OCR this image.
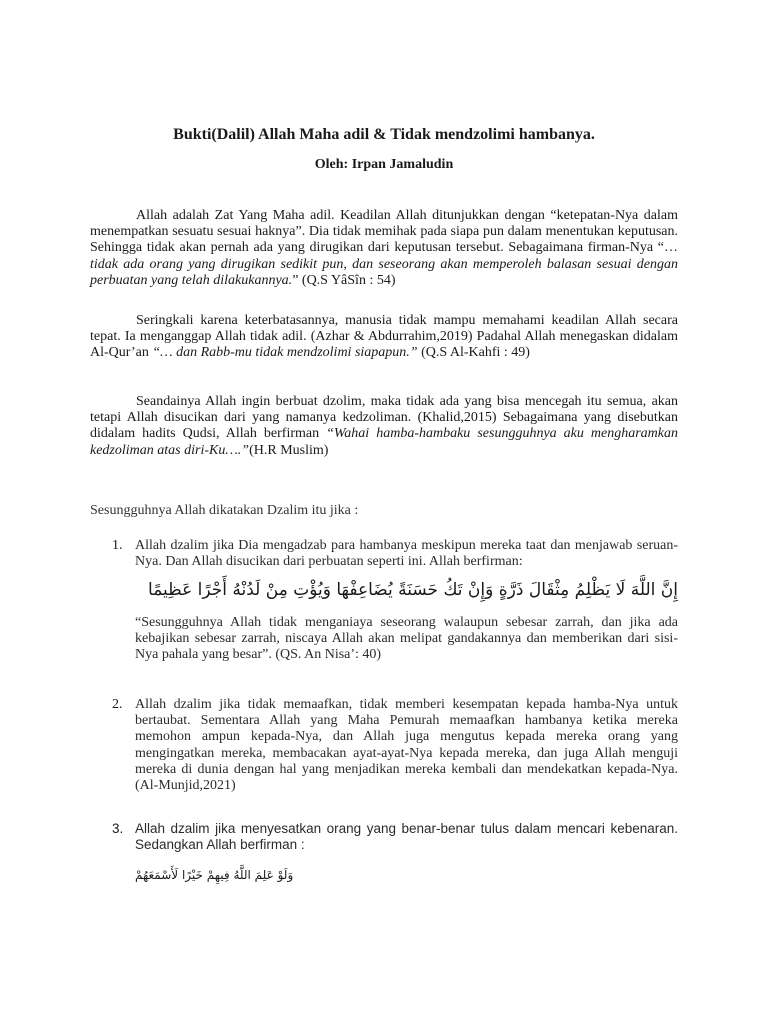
Bukti(Dalil) Allah Maha adil & Tidak mendzolimi hambanya.
Oleh: Irpan Jamaludin

Allah adalah Zat Yang Maha adil. Keadilan Allah ditunjukkan dengan “ketepatan-Nya dalam menempatkan sesuatu sesuai haknya”. Dia tidak memihak pada siapa pun dalam menentukan keputusan. Sehingga tidak akan pernah ada yang dirugikan dari keputusan tersebut. Sebagaimana firman-Nya “… tidak ada orang yang dirugikan sedikit pun, dan seseorang akan memperoleh balasan sesuai dengan perbuatan yang telah dilakukannya.” (Q.S YâSîn : 54)

Seringkali karena keterbatasannya, manusia tidak mampu memahami keadilan Allah secara tepat. Ia menganggap Allah tidak adil. (Azhar & Abdurrahim,2019) Padahal Allah menegaskan didalam Al-Qur’an “… dan Rabb-mu tidak mendzolimi siapapun.” (Q.S Al-Kahfi : 49)

Seandainya Allah ingin berbuat dzolim, maka tidak ada yang bisa mencegah itu semua, akan tetapi Allah disucikan dari yang namanya kedzoliman. (Khalid,2015) Sebagaimana yang disebutkan didalam hadits Qudsi, Allah berfirman “Wahai hamba-hambaku sesungguhnya aku mengharamkan kedzoliman atas diri-Ku….”(H.R Muslim)

Sesungguhnya Allah dikatakan Dzalim itu jika :
1. Allah dzalim jika Dia mengadzab para hambanya meskipun mereka taat dan menjawab seruan-Nya. Dan Allah disucikan dari perbuatan seperti ini. Allah berfirman:
إِنَّ اللَّهَ لَا يَظْلِمُ مِثْقَالَ ذَرَّةٍ وَإِنْ تَكُ حَسَنَةً يُضَاعِفْهَا وَيُؤْتِ مِنْ لَدُنْهُ أَجْرًا عَظِيمًا
“Sesungguhnya Allah tidak menganiaya seseorang walaupun sebesar zarrah, dan jika ada kebajikan sebesar zarrah, niscaya Allah akan melipat gandakannya dan memberikan dari sisi-Nya pahala yang besar”. (QS. An Nisa’: 40)
2. Allah dzalim jika tidak memaafkan, tidak memberi kesempatan kepada hamba-Nya untuk bertaubat. Sementara Allah yang Maha Pemurah memaafkan hambanya ketika mereka memohon ampun kepada-Nya, dan Allah juga mengutus kepada mereka orang yang mengingatkan mereka, membacakan ayat-ayat-Nya kepada mereka, dan juga Allah menguji mereka di dunia dengan hal yang menjadikan mereka kembali dan mendekatkan kepada-Nya. (Al-Munjid,2021)
3. Allah dzalim jika menyesatkan orang yang benar-benar tulus dalam mencari kebenaran. Sedangkan Allah berfirman :
وَلَوْ عَلِمَ اللَّهُ فِيهِمْ خَيْرًا لَأَسْمَعَهُمْ
